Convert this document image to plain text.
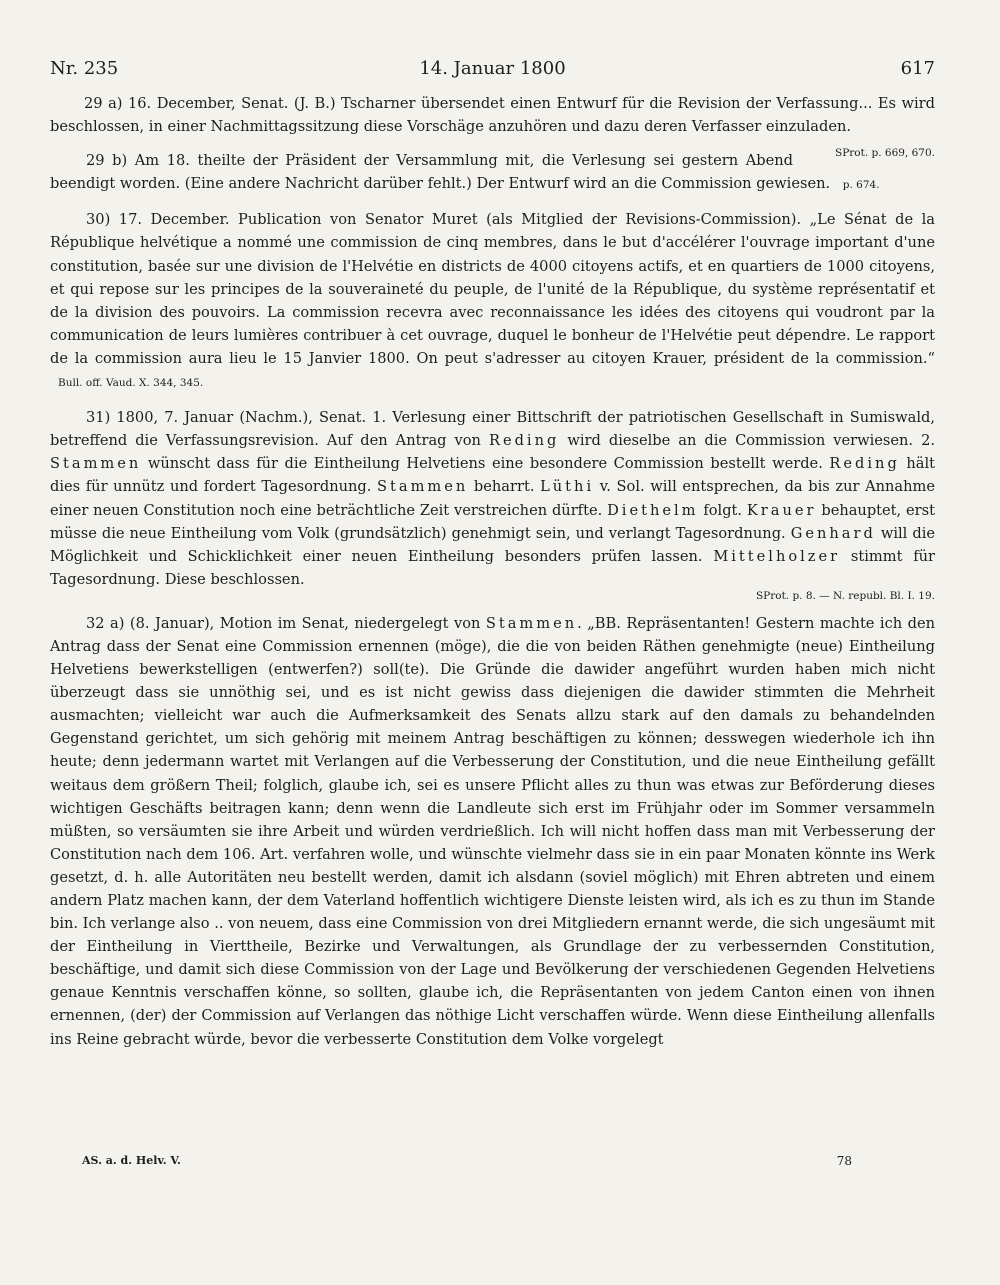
Nr. 235	14. Januar 1800	617

29 a) 16. December, Senat. (J. B.) Tscharner übersendet einen Entwurf für die Revision der Verfassung... Es wird beschlossen, in einer Nachmittagssitzung diese Vorschäge anzuhören und dazu deren Verfasser einzuladen.
SProt. p. 669, 670.

29 b) Am 18. theilte der Präsident der Versammlung mit, die Verlesung sei gestern Abend beendigt worden. (Eine andere Nachricht darüber fehlt.) Der Entwurf wird an die Commission gewiesen. p. 674.

30) 17. December. Publication von Senator Muret (als Mitglied der Revisions-Commission). „Le Sénat de la République helvétique a nommé une commission de cinq membres, dans le but d'accélérer l'ouvrage important d'une constitution, basée sur une division de l'Helvétie en districts de 4000 citoyens actifs, et en quartiers de 1000 citoyens, et qui repose sur les principes de la souveraineté du peuple, de l'unité de la République, du système représentatif et de la division des pouvoirs. La commission recevra avec reconnaissance les idées des citoyens qui voudront par la communication de leurs lumières contribuer à cet ouvrage, duquel le bonheur de l'Helvétie peut dépendre. Le rapport de la commission aura lieu le 15 Janvier 1800. On peut s'adresser au citoyen Krauer, président de la commission.“ Bull. off. Vaud. X. 344, 345.

31) 1800, 7. Januar (Nachm.), Senat. 1. Verlesung einer Bittschrift der patriotischen Gesellschaft in Sumiswald, betreffend die Verfassungsrevision. Auf den Antrag von Reding wird dieselbe an die Commission verwiesen. 2. Stammen wünscht dass für die Eintheilung Helvetiens eine besondere Commission bestellt werde. Reding hält dies für unnütz und fordert Tagesordnung. Stammen beharrt. Lüthi v. Sol. will entsprechen, da bis zur Annahme einer neuen Constitution noch eine beträchtliche Zeit verstreichen dürfte. Diethelm folgt. Krauer behauptet, erst müsse die neue Eintheilung vom Volk (grundsätzlich) genehmigt sein, und verlangt Tagesordnung. Genhard will die Möglichkeit und Schicklichkeit einer neuen Eintheilung besonders prüfen lassen. Mittelholzer stimmt für Tagesordnung. Diese beschlossen.

SProt. p. 8. — N. republ. Bl. I. 19.

32 a) (8. Januar), Motion im Senat, niedergelegt von Stammen. „BB. Repräsentanten! Gestern machte ich den Antrag dass der Senat eine Commission ernennen (möge), die die von beiden Räthen genehmigte (neue) Eintheilung Helvetiens bewerkstelligen (entwerfen?) soll(te). Die Gründe die dawider angeführt wurden haben mich nicht überzeugt dass sie unnöthig sei, und es ist nicht gewiss dass diejenigen die dawider stimmten die Mehrheit ausmachten; vielleicht war auch die Aufmerksamkeit des Senats allzu stark auf den damals zu behandelnden Gegenstand gerichtet, um sich gehörig mit meinem Antrag beschäftigen zu können; desswegen wiederhole ich ihn heute; denn jedermann wartet mit Verlangen auf die Verbesserung der Constitution, und die neue Eintheilung gefällt weitaus dem größern Theil; folglich, glaube ich, sei es unsere Pflicht alles zu thun was etwas zur Beförderung dieses wichtigen Geschäfts beitragen kann; denn wenn die Landleute sich erst im Frühjahr oder im Sommer versammeln müßten, so versäumten sie ihre Arbeit und würden verdrießlich. Ich will nicht hoffen dass man mit Verbesserung der Constitution nach dem 106. Art. verfahren wolle, und wünschte vielmehr dass sie in ein paar Monaten könnte ins Werk gesetzt, d. h. alle Autoritäten neu bestellt werden, damit ich alsdann (soviel möglich) mit Ehren abtreten und einem andern Platz machen kann, der dem Vaterland hoffentlich wichtigere Dienste leisten wird, als ich es zu thun im Stande bin. Ich verlange also .. von neuem, dass eine Commission von drei Mitgliedern ernannt werde, die sich ungesäumt mit der Eintheilung in Vierttheile, Bezirke und Verwaltungen, als Grundlage der zu verbessernden Constitution, beschäftige, und damit sich diese Commission von der Lage und Bevölkerung der verschiedenen Gegenden Helvetiens genaue Kenntnis verschaffen könne, so sollten, glaube ich, die Repräsentanten von jedem Canton einen von ihnen ernennen, (der) der Commission auf Verlangen das nöthige Licht verschaffen würde. Wenn diese Eintheilung allenfalls ins Reine gebracht würde, bevor die verbesserte Constitution dem Volke vorgelegt

AS. a. d. Helv. V.	78
